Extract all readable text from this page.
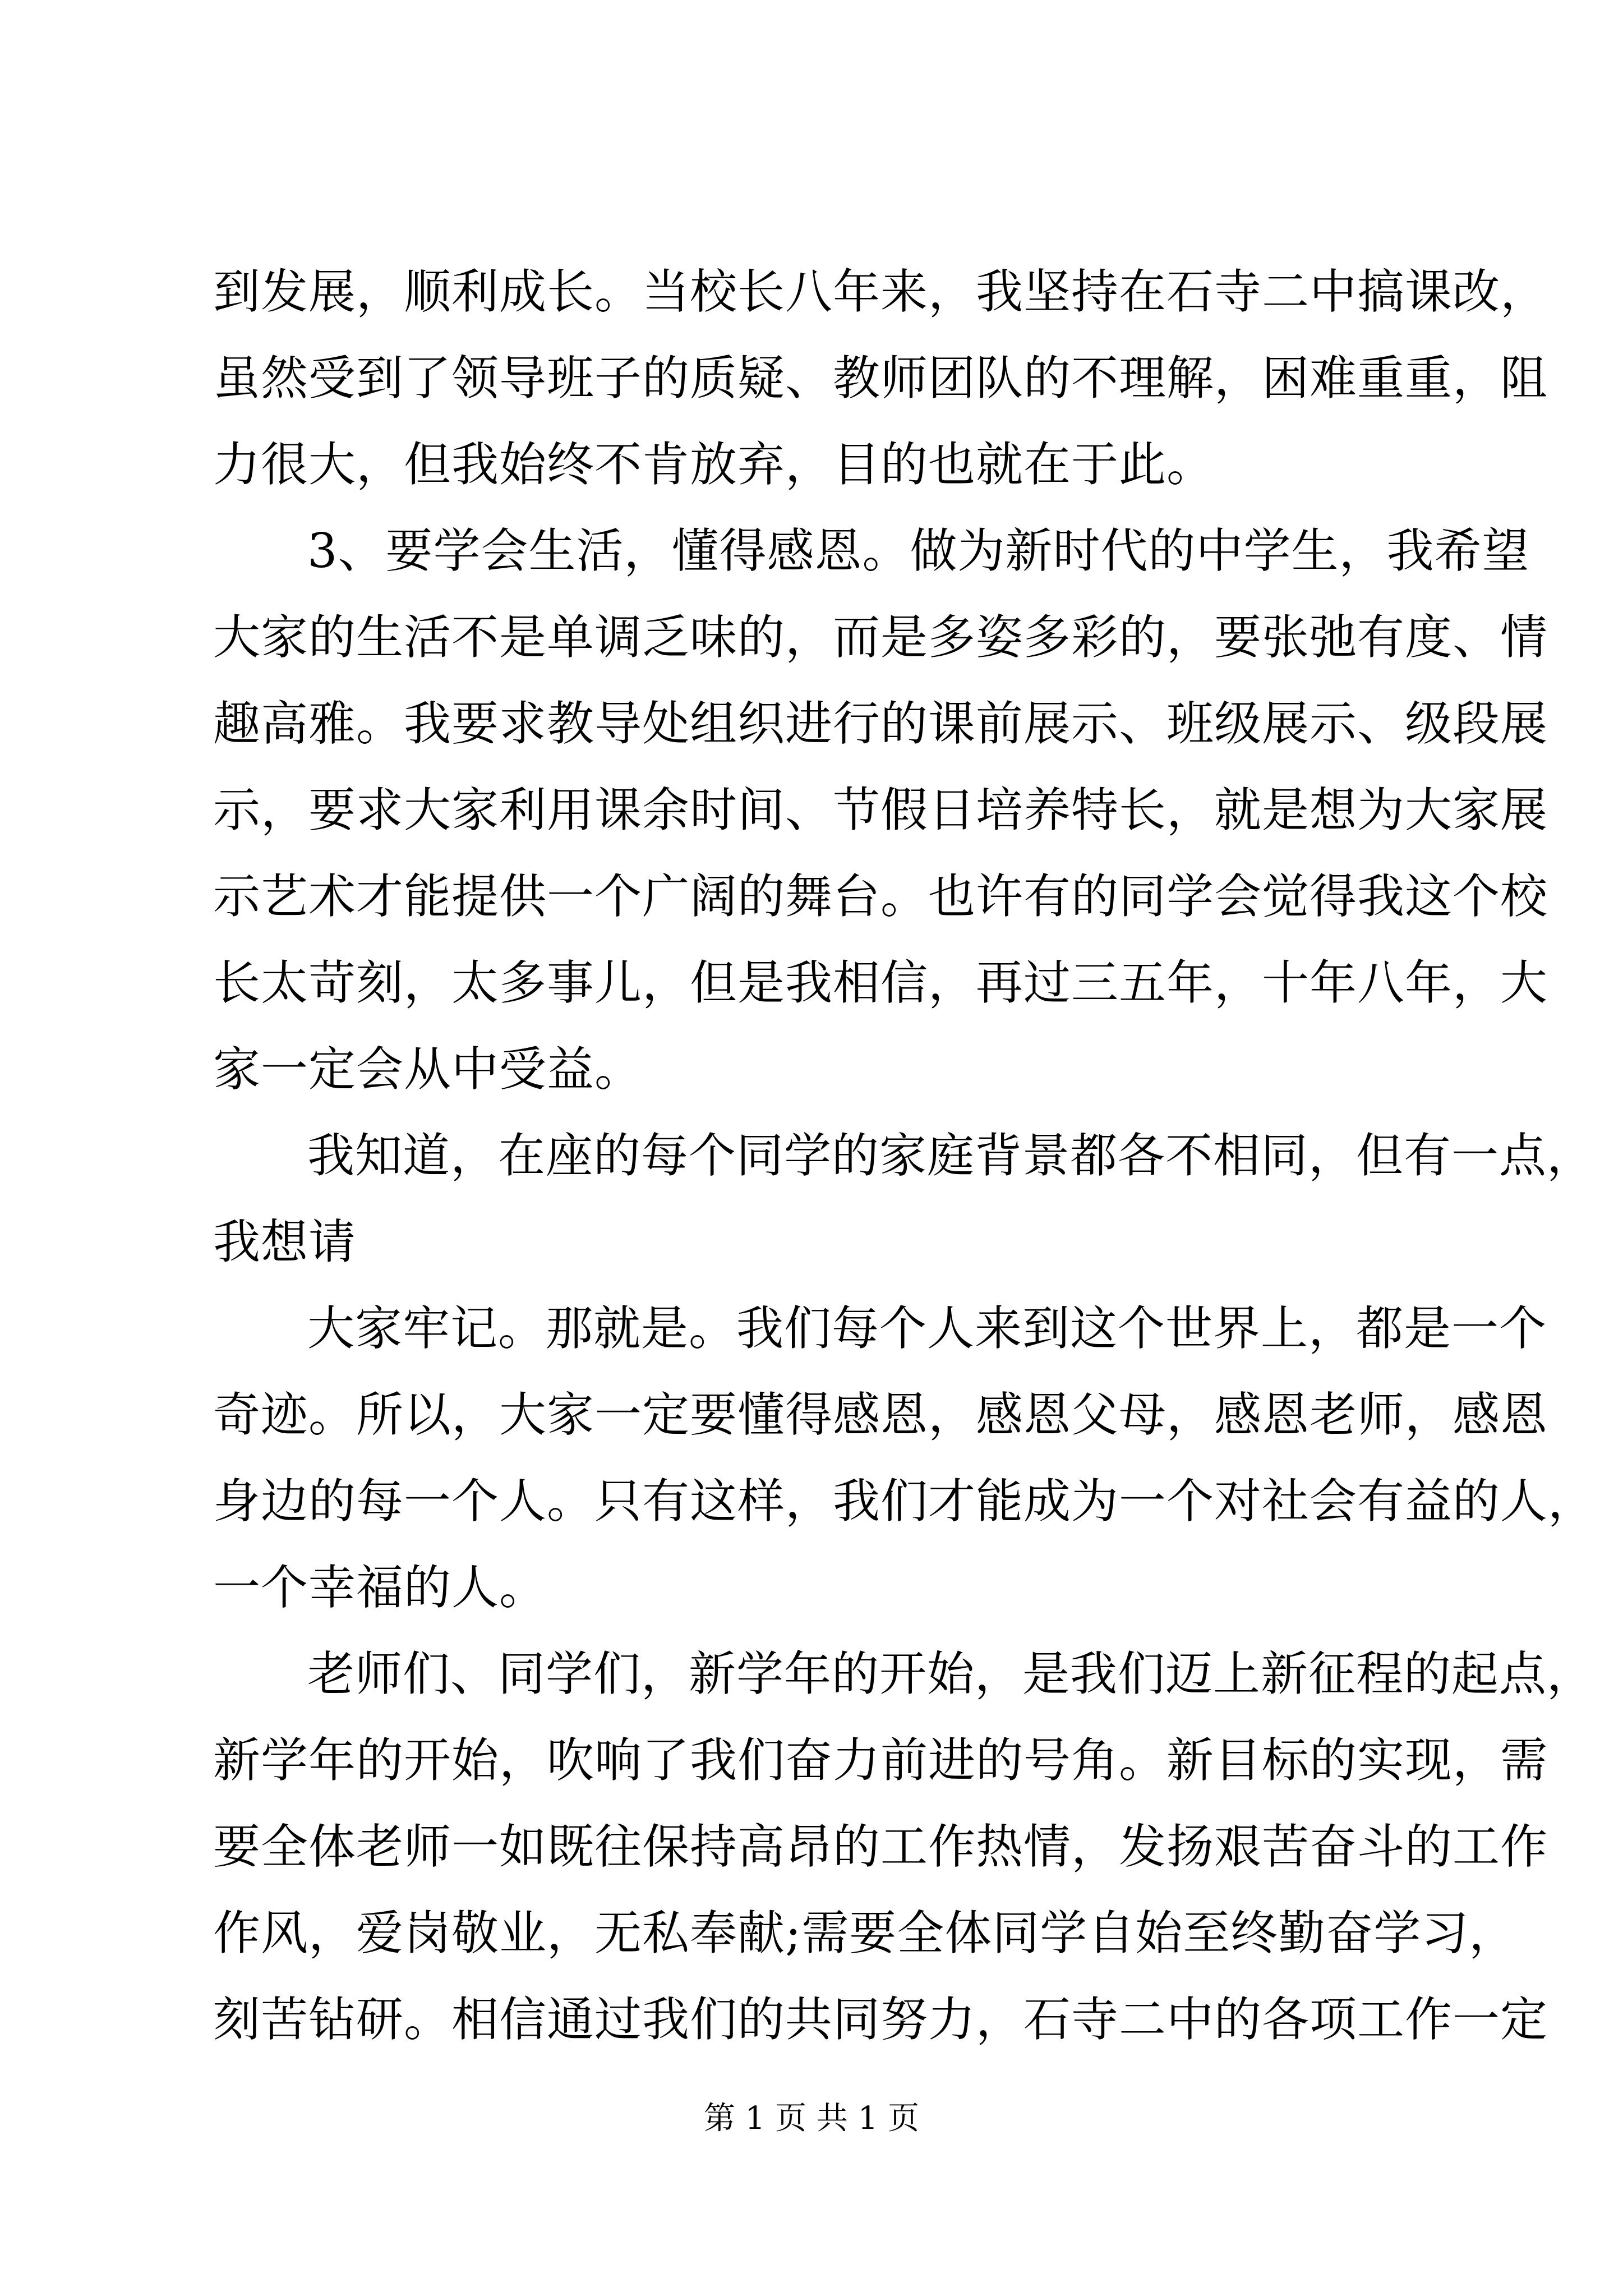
到发展，顺利成长。当校长八年来，我坚持在石寺二中搞课改，
虽然受到了领导班子的质疑、教师团队的不理解，困难重重，阻
力很大，但我始终不肯放弃，目的也就在于此。
3、要学会生活，懂得感恩。做为新时代的中学生，我希望
大家的生活不是单调乏味的，而是多姿多彩的，要张弛有度、情
趣高雅。我要求教导处组织进行的课前展示、班级展示、级段展
示，要求大家利用课余时间、节假日培养特长，就是想为大家展
示艺术才能提供一个广阔的舞台。也许有的同学会觉得我这个校
长太苛刻，太多事儿，但是我相信，再过三五年，十年八年，大
家一定会从中受益。
我知道，在座的每个同学的家庭背景都各不相同，但有一点，
我想请
大家牢记。那就是。我们每个人来到这个世界上，都是一个
奇迹。所以，大家一定要懂得感恩，感恩父母，感恩老师，感恩
身边的每一个人。只有这样，我们才能成为一个对社会有益的人，
一个幸福的人。
老师们、同学们，新学年的开始，是我们迈上新征程的起点，
新学年的开始，吹响了我们奋力前进的号角。新目标的实现，需
要全体老师一如既往保持高昂的工作热情，发扬艰苦奋斗的工作
作风，爱岗敬业，无私奉献;需要全体同学自始至终勤奋学习，
第 1 页 共 1 页
刻苦钻研。相信通过我们的共同努力，石寺二中的各项工作一定
